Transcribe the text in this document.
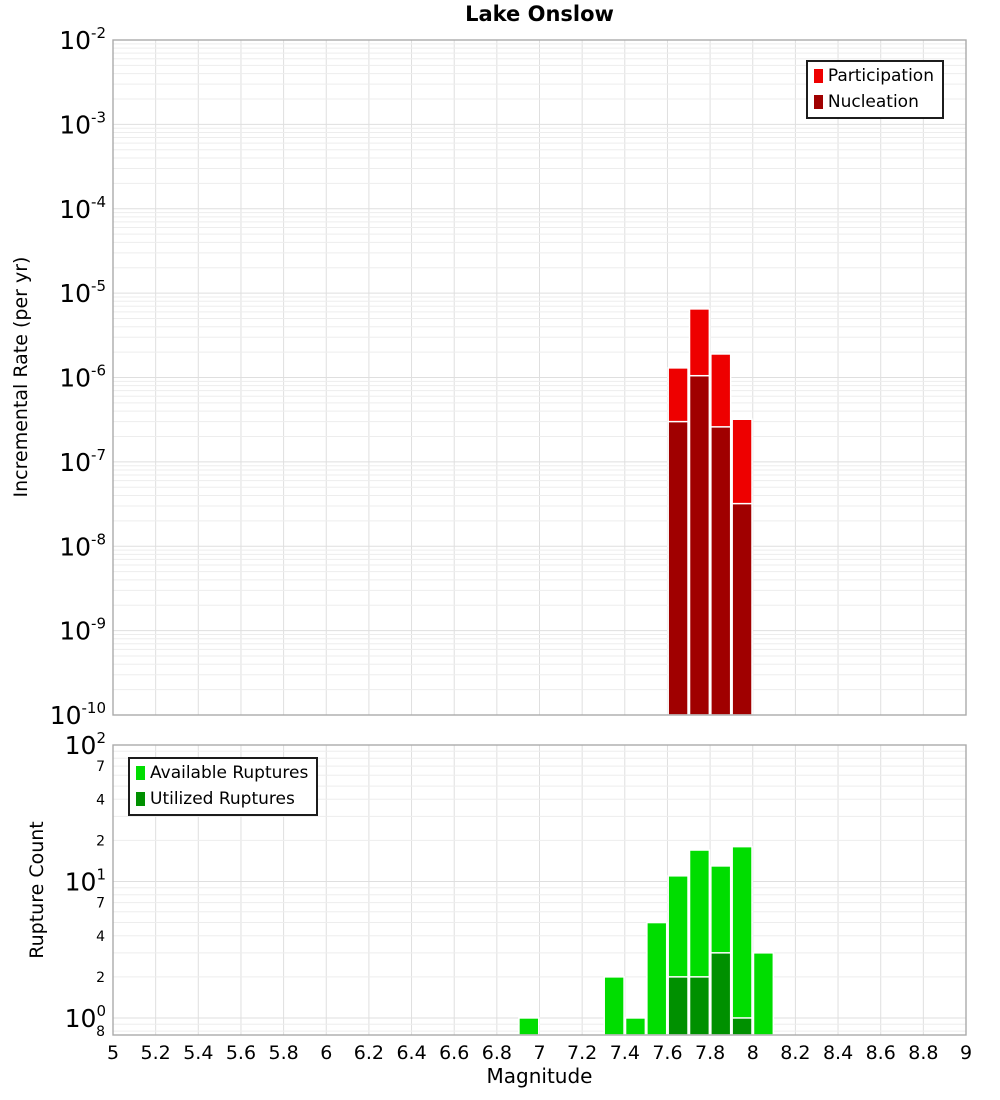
$10^{-2}$
$10^{-3}$
$10^{-4}$
$10^{-5}$
$10^{-6}$
$10^{-7}$
$10^{-8}$
$10^{-9}$
$10^{-10}$
$10^2$
$10^1$
$10^0$
7
4
2
7
4
2
8
5 5.2 5.4 5.6 5.8 6 6.2 6.4 6.6 6.8 7 7.2 7.4 7.6 7.8 8 8.2 8.4 8.6 8.8 9
Lake Onslow
Incremental Rate (per yr)
Rupture Count
Magnitude
Participation
Nucleation
Available Ruptures
Utilized Ruptures
